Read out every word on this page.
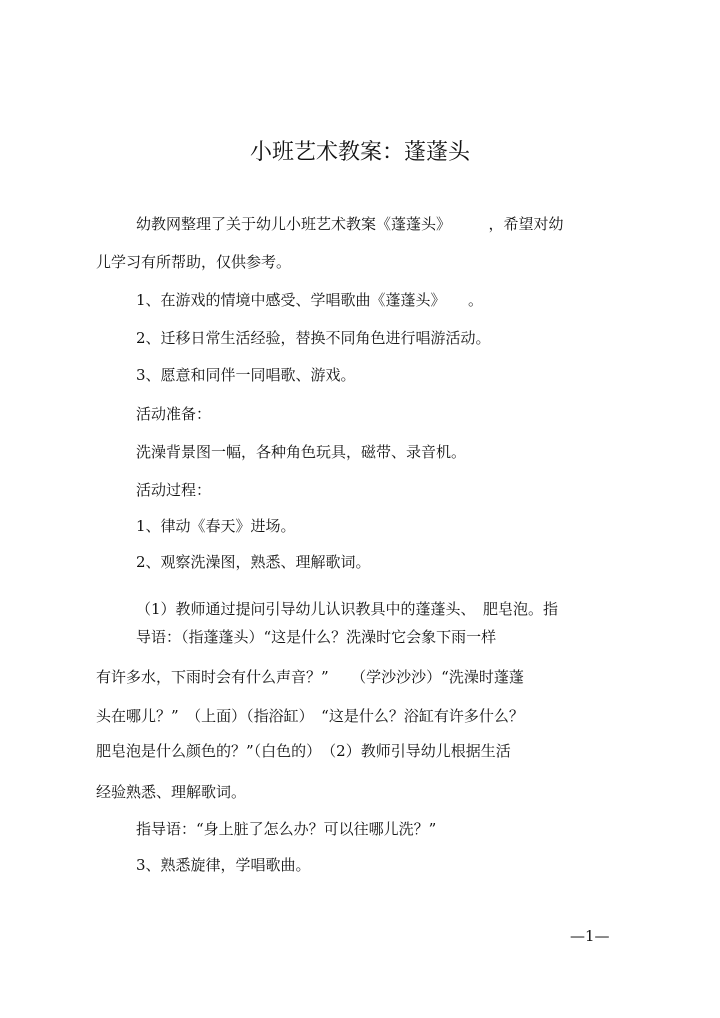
小班艺术教案：蓬蓬头
幼教网整理了关于幼儿小班艺术教案《蓬蓬头》　　　，希望对幼
儿学习有所帮助，仅供参考。
1、在游戏的情境中感受、学唱歌曲《蓬蓬头》　　。
2、迁移日常生活经验，替换不同角色进行唱游活动。
3、愿意和同伴一同唱歌、游戏。
活动准备：
洗澡背景图一幅，各种角色玩具，磁带、录音机。
活动过程：
1、律动《春天》进场。
2、观察洗澡图，熟悉、理解歌词。
（1）教师通过提问引导幼儿认识教具中的蓬蓬头、　肥皂泡。指
导语：（指蓬蓬头）“这是什么？洗澡时它会象下雨一样
有许多水，下雨时会有什么声音？”　　（学沙沙沙）“洗澡时蓬蓬
头在哪儿？”　（上面）（指浴缸）　“这是什么？浴缸有许多什么？
肥皂泡是什么颜色的？”（白色的）　（2）教师引导幼儿根据生活
经验熟悉、理解歌词。
指导语：“身上脏了怎么办？可以往哪儿洗？”
3、熟悉旋律，学唱歌曲。
—1—
